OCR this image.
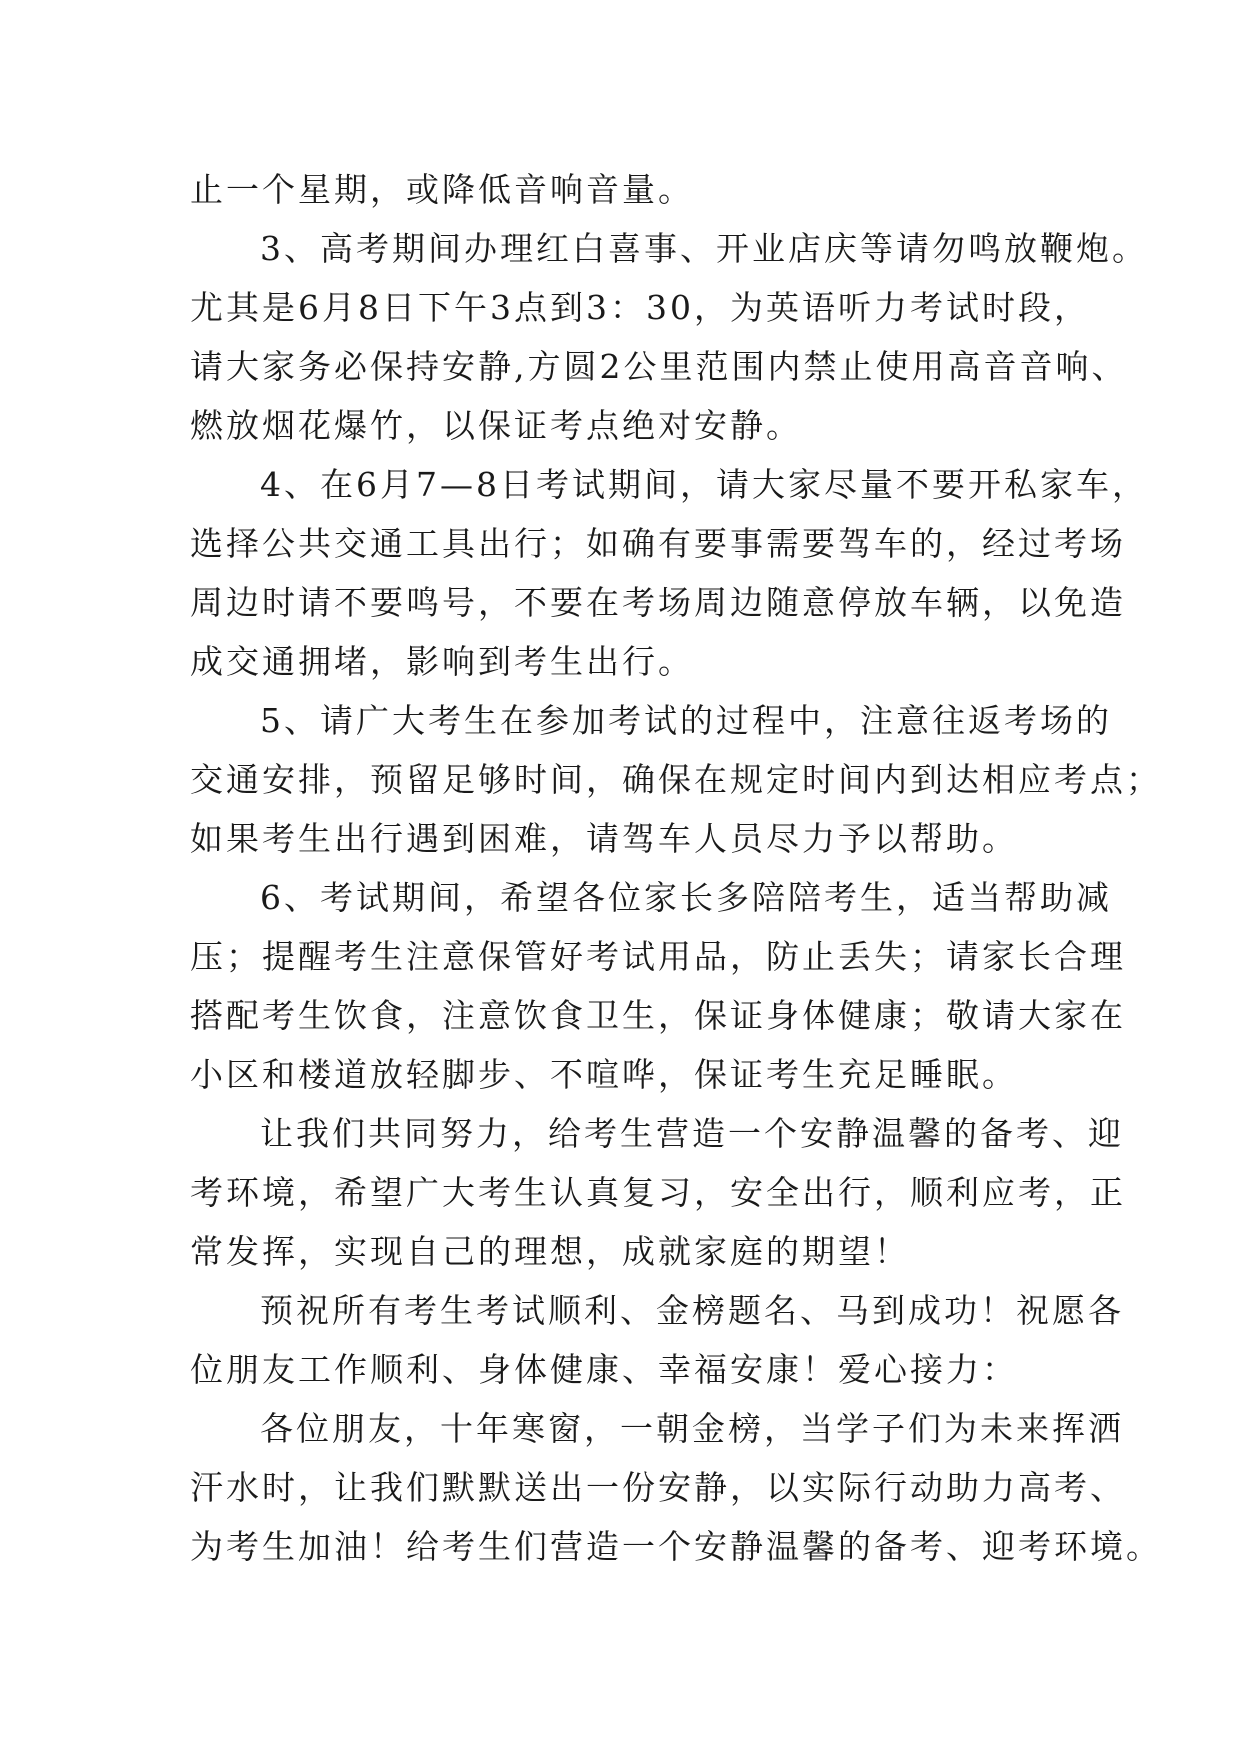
止一个星期，或降低音响音量。
3、高考期间办理红白喜事、开业店庆等请勿鸣放鞭炮。
尤其是6月8日下午3点到3：30，为英语听力考试时段，
请大家务必保持安静,方圆2公里范围内禁止使用高音音响、
燃放烟花爆竹，以保证考点绝对安静。
4、在6月7—8日考试期间，请大家尽量不要开私家车，
选择公共交通工具出行；如确有要事需要驾车的，经过考场
周边时请不要鸣号，不要在考场周边随意停放车辆，以免造
成交通拥堵，影响到考生出行。
5、请广大考生在参加考试的过程中，注意往返考场的
交通安排，预留足够时间，确保在规定时间内到达相应考点；
如果考生出行遇到困难，请驾车人员尽力予以帮助。
6、考试期间，希望各位家长多陪陪考生，适当帮助减
压；提醒考生注意保管好考试用品，防止丢失；请家长合理
搭配考生饮食，注意饮食卫生，保证身体健康；敬请大家在
小区和楼道放轻脚步、不喧哗，保证考生充足睡眠。
让我们共同努力，给考生营造一个安静温馨的备考、迎
考环境，希望广大考生认真复习，安全出行，顺利应考，正
常发挥，实现自己的理想，成就家庭的期望！
预祝所有考生考试顺利、金榜题名、马到成功！祝愿各
位朋友工作顺利、身体健康、幸福安康！爱心接力：
各位朋友，十年寒窗，一朝金榜，当学子们为未来挥洒
汗水时，让我们默默送出一份安静，以实际行动助力高考、
为考生加油！给考生们营造一个安静温馨的备考、迎考环境。
